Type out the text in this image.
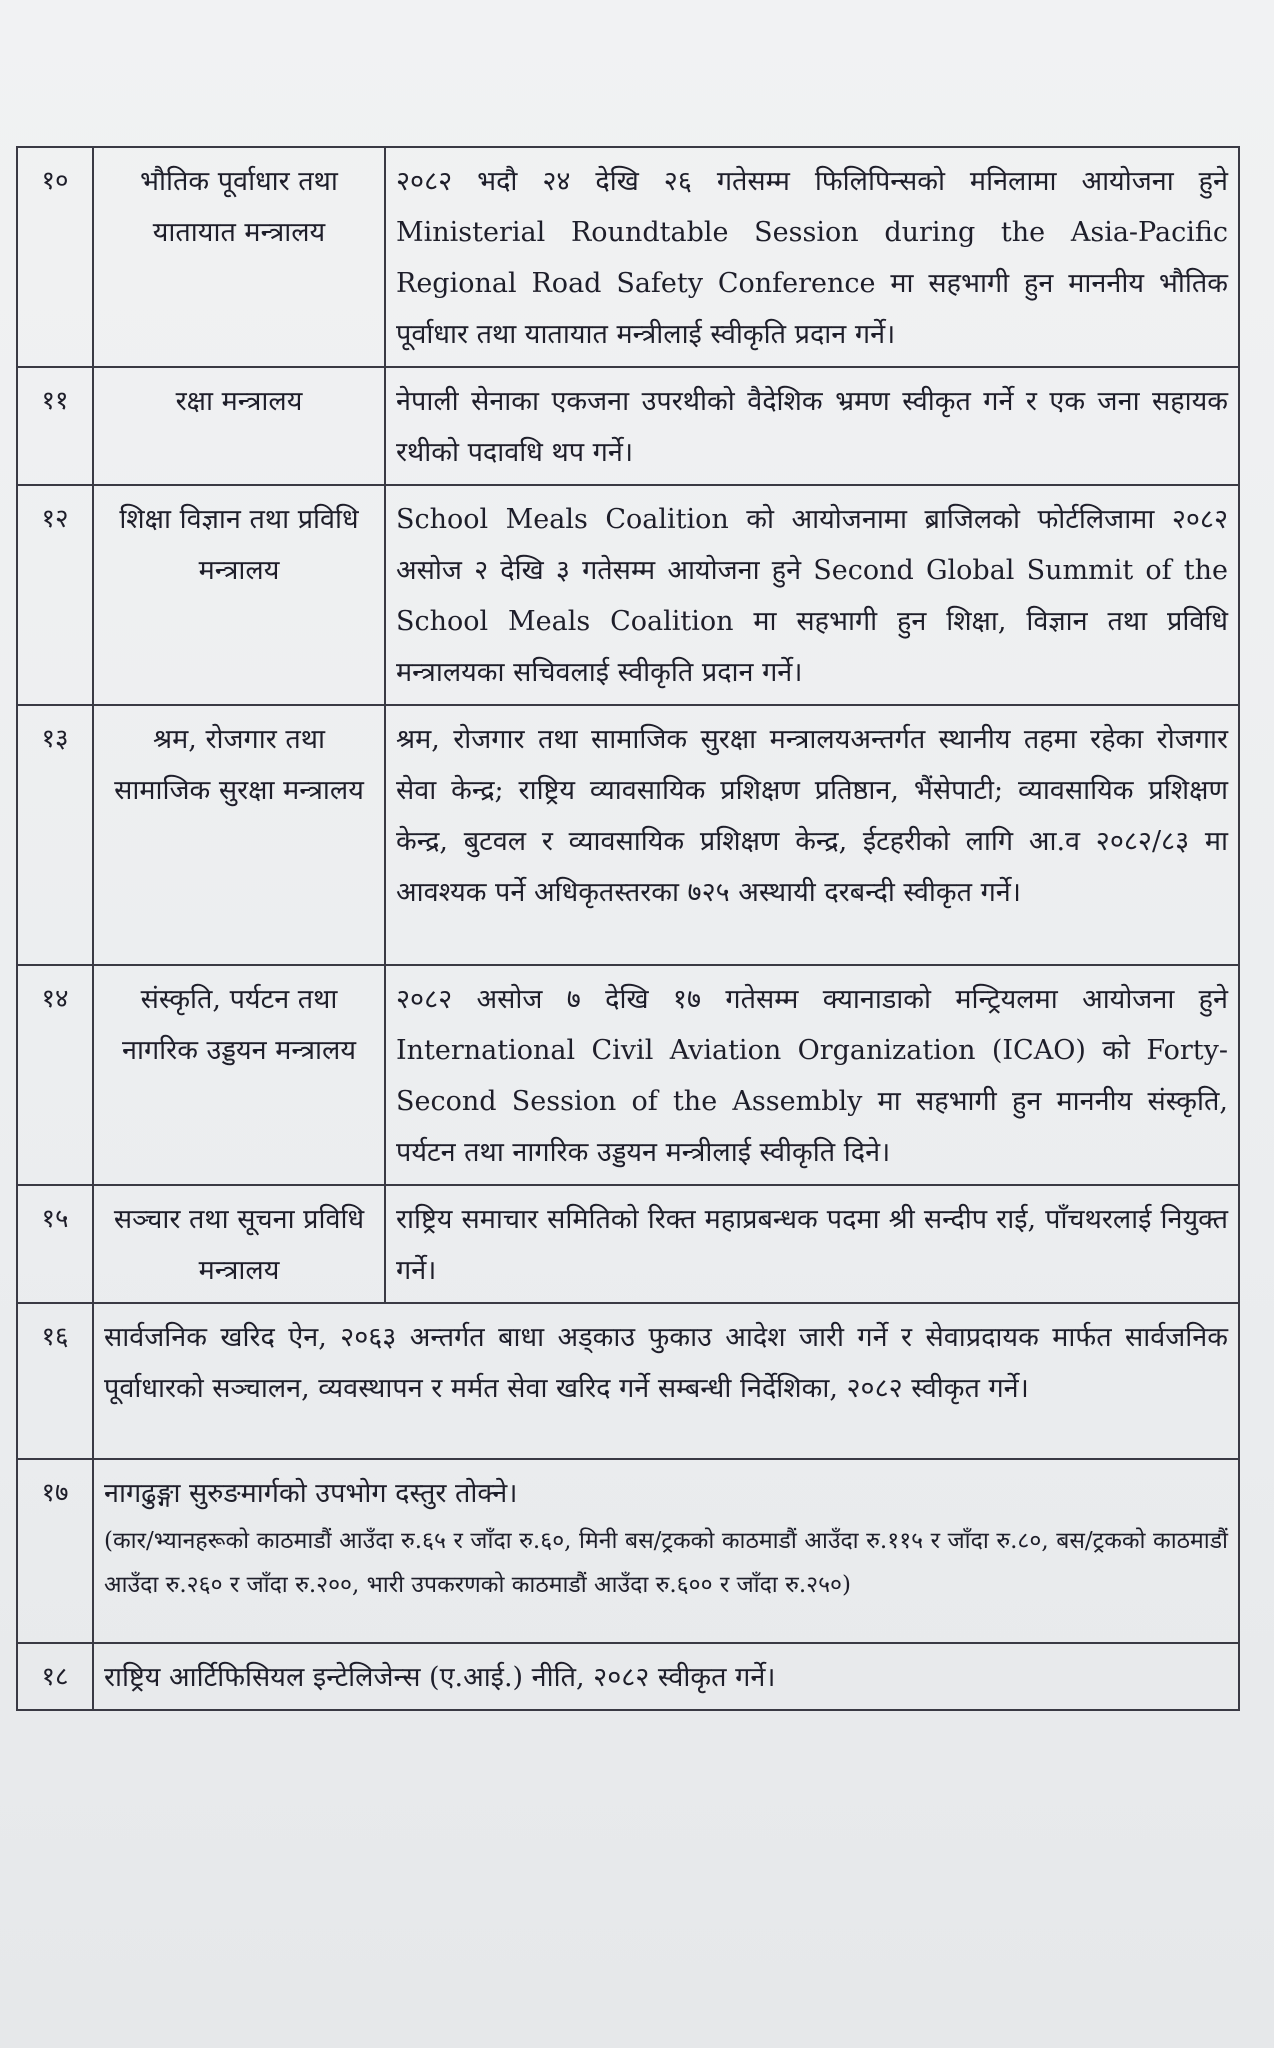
१०	भौतिक पूर्वाधार तथा यातायात मन्त्रालय	२०८२ भदौ २४ देखि २६ गतेसम्म फिलिपिन्सको मनिलामा आयोजना हुने Ministerial Roundtable Session during the Asia-Pacific Regional Road Safety Conference मा सहभागी हुन माननीय भौतिक पूर्वाधार तथा यातायात मन्त्रीलाई स्वीकृति प्रदान गर्ने।
११	रक्षा मन्त्रालय	नेपाली सेनाका एकजना उपरथीको वैदेशिक भ्रमण स्वीकृत गर्ने र एक जना सहायक रथीको पदावधि थप गर्ने।
१२	शिक्षा विज्ञान तथा प्रविधि मन्त्रालय	School Meals Coalition को आयोजनामा ब्राजिलको फोर्टलिजामा २०८२ असोज २ देखि ३ गतेसम्म आयोजना हुने Second Global Summit of the School Meals Coalition मा सहभागी हुन शिक्षा, विज्ञान तथा प्रविधि मन्त्रालयका सचिवलाई स्वीकृति प्रदान गर्ने।
१३	श्रम, रोजगार तथा सामाजिक सुरक्षा मन्त्रालय	श्रम, रोजगार तथा सामाजिक सुरक्षा मन्त्रालयअन्तर्गत स्थानीय तहमा रहेका रोजगार सेवा केन्द्र; राष्ट्रिय व्यावसायिक प्रशिक्षण प्रतिष्ठान, भैंसेपाटी; व्यावसायिक प्रशिक्षण केन्द्र, बुटवल र व्यावसायिक प्रशिक्षण केन्द्र, ईटहरीको लागि आ.व २०८२/८३ मा आवश्यक पर्ने अधिकृतस्तरका ७२५ अस्थायी दरबन्दी स्वीकृत गर्ने।
१४	संस्कृति, पर्यटन तथा नागरिक उड्डयन मन्त्रालय	२०८२ असोज ७ देखि १७ गतेसम्म क्यानाडाको मन्ट्रियलमा आयोजना हुने International Civil Aviation Organization (ICAO) को Forty-Second Session of the Assembly मा सहभागी हुन माननीय संस्कृति, पर्यटन तथा नागरिक उड्डयन मन्त्रीलाई स्वीकृति दिने।
१५	सञ्चार तथा सूचना प्रविधि मन्त्रालय	राष्ट्रिय समाचार समितिको रिक्त महाप्रबन्धक पदमा श्री सन्दीप राई, पाँचथरलाई नियुक्त गर्ने।
१६	सार्वजनिक खरिद ऐन, २०६३ अन्तर्गत बाधा अड्काउ फुकाउ आदेश जारी गर्ने र सेवाप्रदायक मार्फत सार्वजनिक पूर्वाधारको सञ्चालन, व्यवस्थापन र मर्मत सेवा खरिद गर्ने सम्बन्धी निर्देशिका, २०८२ स्वीकृत गर्ने।	

१७	नागढुङ्गा सुरुङमार्गको उपभोग दस्तुर तोक्ने।
(कार/भ्यानहरूको काठमाडौं आउँदा रु.६५ र जाँदा रु.६०, मिनी बस/ट्रकको काठमाडौं आउँदा रु.११५ र जाँदा रु.८०, बस/ट्रकको काठमाडौं आउँदा रु.२६० र जाँदा रु.२००, भारी उपकरणको काठमाडौं आउँदा रु.६०० र जाँदा रु.२५०)	

१८	राष्ट्रिय आर्टिफिसियल इन्टेलिजेन्स (ए.आई.) नीति, २०८२ स्वीकृत गर्ने।	
